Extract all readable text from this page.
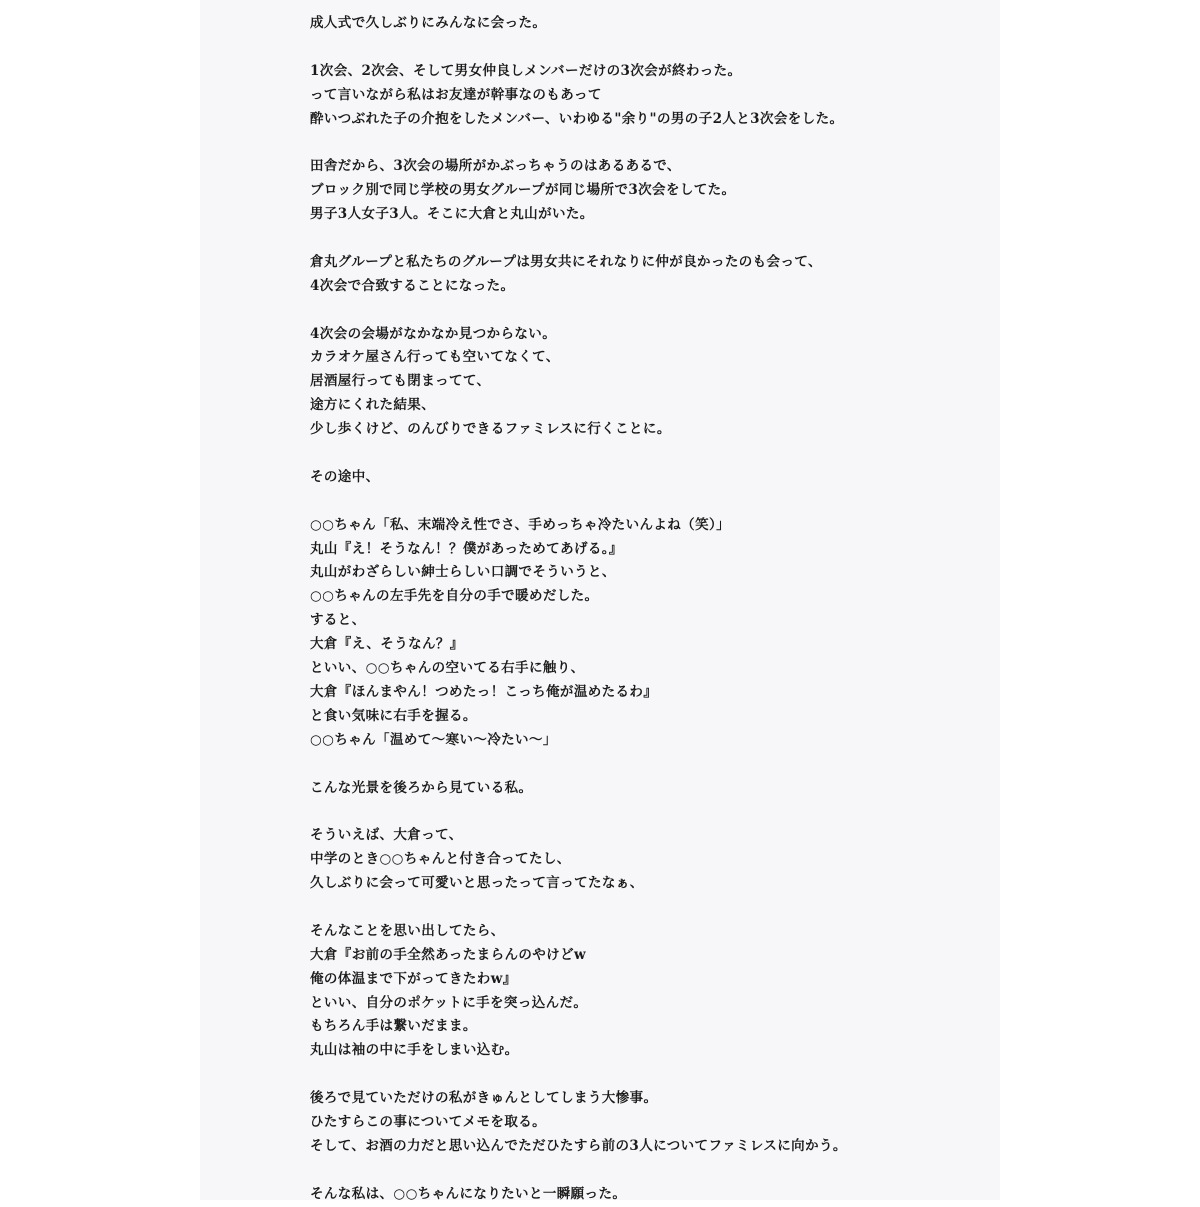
成人式で久しぶりにみんなに会った。
1次会、2次会、そして男女仲良しメンバーだけの3次会が終わった。
って言いながら私はお友達が幹事なのもあって
酔いつぶれた子の介抱をしたメンバー、いわゆる"余り"の男の子2人と3次会をした。
田舎だから、3次会の場所がかぶっちゃうのはあるあるで、
ブロック別で同じ学校の男女グループが同じ場所で3次会をしてた。
男子3人女子3人。そこに大倉と丸山がいた。
倉丸グループと私たちのグループは男女共にそれなりに仲が良かったのも会って、
4次会で合致することになった。
4次会の会場がなかなか見つからない。
カラオケ屋さん行っても空いてなくて、
居酒屋行っても閉まってて、
途方にくれた結果、
少し歩くけど、のんびりできるファミレスに行くことに。
その途中、
○○ちゃん「私、末端冷え性でさ、手めっちゃ冷たいんよね（笑）」
丸山『え！そうなん！？僕があっためてあげる。』
丸山がわざらしい紳士らしい口調でそういうと、
○○ちゃんの左手先を自分の手で暖めだした。
すると、
大倉『え、そうなん？』
といい、○○ちゃんの空いてる右手に触り、
大倉『ほんまやん！つめたっ！こっち俺が温めたるわ』
と食い気味に右手を握る。
○○ちゃん「温めて〜寒い〜冷たい〜」
こんな光景を後ろから見ている私。
そういえば、大倉って、
中学のとき○○ちゃんと付き合ってたし、
久しぶりに会って可愛いと思ったって言ってたなぁ、
そんなことを思い出してたら、
大倉『お前の手全然あったまらんのやけどw
俺の体温まで下がってきたわw』
といい、自分のポケットに手を突っ込んだ。
もちろん手は繋いだまま。
丸山は袖の中に手をしまい込む。
後ろで見ていただけの私がきゅんとしてしまう大惨事。
ひたすらこの事についてメモを取る。
そして、お酒の力だと思い込んでただひたすら前の3人についてファミレスに向かう。
そんな私は、○○ちゃんになりたいと一瞬願った。
